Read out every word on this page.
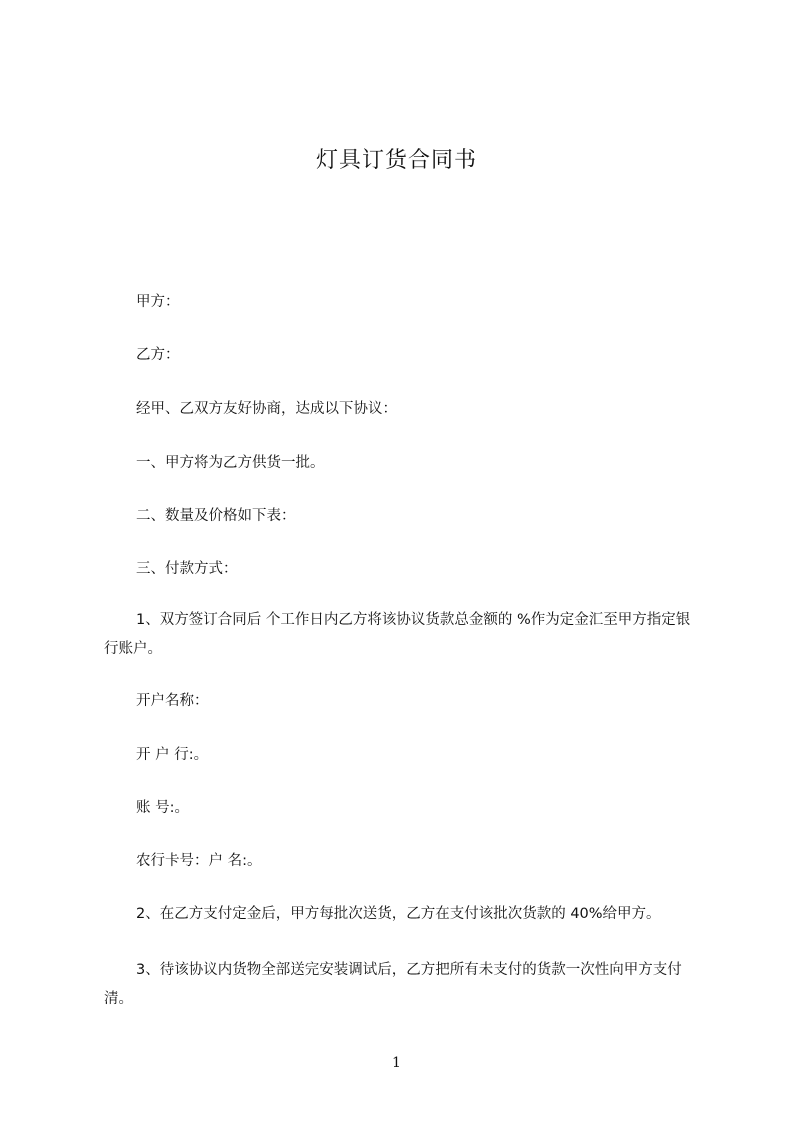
灯具订货合同书
甲方：
乙方：
经甲、乙双方友好协商，达成以下协议：
一、甲方将为乙方供货一批。
二、数量及价格如下表：
三、付款方式：
1、双方签订合同后 个工作日内乙方将该协议货款总金额的 %作为定金汇至甲方指定银行账户。
开户名称：
开 户 行:。
账 号:。
农行卡号：户 名:。
2、在乙方支付定金后，甲方每批次送货，乙方在支付该批次货款的 40%给甲方。
3、待该协议内货物全部送完安装调试后，乙方把所有未支付的货款一次性向甲方支付清。
1
